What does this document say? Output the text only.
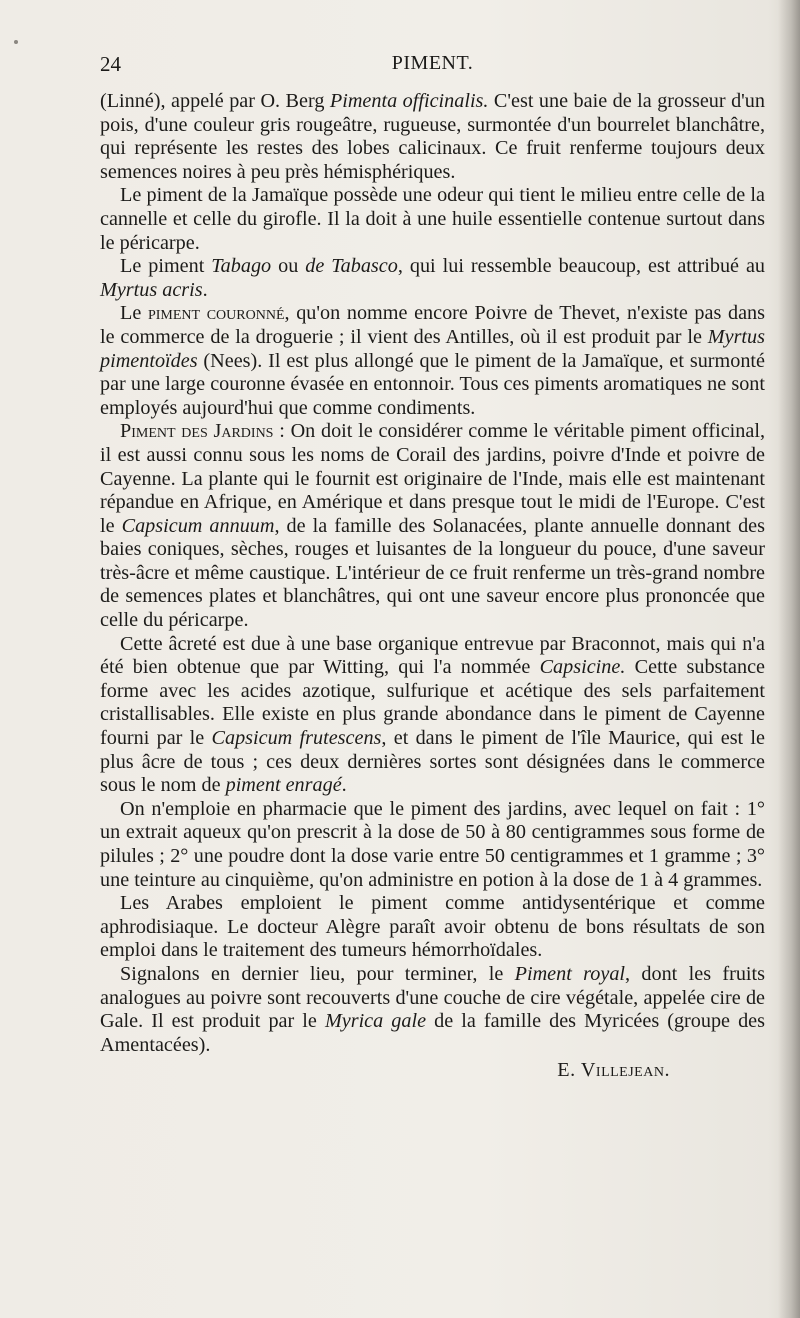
24	PIMENT.

(Linné), appelé par O. Berg Pimenta officinalis. C'est une baie de la grosseur d'un pois, d'une couleur gris rougeâtre, rugueuse, surmontée d'un bourrelet blanchâtre, qui représente les restes des lobes calicinaux. Ce fruit renferme toujours deux semences noires à peu près hémisphériques.

Le piment de la Jamaïque possède une odeur qui tient le milieu entre celle de la cannelle et celle du girofle. Il la doit à une huile essentielle contenue surtout dans le péricarpe.

Le piment Tabago ou de Tabasco, qui lui ressemble beaucoup, est attribué au Myrtus acris.

Le piment couronné, qu'on nomme encore Poivre de Thevet, n'existe pas dans le commerce de la droguerie ; il vient des Antilles, où il est produit par le Myrtus pimentoïdes (Nees). Il est plus allongé que le piment de la Jamaïque, et surmonté par une large couronne évasée en entonnoir. Tous ces piments aromatiques ne sont employés aujourd'hui que comme condiments.

Piment des Jardins : On doit le considérer comme le véritable piment officinal, il est aussi connu sous les noms de Corail des jardins, poivre d'Inde et poivre de Cayenne. La plante qui le fournit est originaire de l'Inde, mais elle est maintenant répandue en Afrique, en Amérique et dans presque tout le midi de l'Europe. C'est le Capsicum annuum, de la famille des Solanacées, plante annuelle donnant des baies coniques, sèches, rouges et luisantes de la longueur du pouce, d'une saveur très-âcre et même caustique. L'intérieur de ce fruit renferme un très-grand nombre de semences plates et blanchâtres, qui ont une saveur encore plus prononcée que celle du péricarpe.

Cette âcreté est due à une base organique entrevue par Braconnot, mais qui n'a été bien obtenue que par Witting, qui l'a nommée Capsicine. Cette substance forme avec les acides azotique, sulfurique et acétique des sels parfaitement cristallisables. Elle existe en plus grande abondance dans le piment de Cayenne fourni par le Capsicum frutescens, et dans le piment de l'île Maurice, qui est le plus âcre de tous ; ces deux dernières sortes sont désignées dans le commerce sous le nom de piment enragé.

On n'emploie en pharmacie que le piment des jardins, avec lequel on fait : 1° un extrait aqueux qu'on prescrit à la dose de 50 à 80 centigrammes sous forme de pilules ; 2° une poudre dont la dose varie entre 50 centigrammes et 1 gramme ; 3° une teinture au cinquième, qu'on administre en potion à la dose de 1 à 4 grammes.

Les Arabes emploient le piment comme antidysentérique et comme aphrodisiaque. Le docteur Alègre paraît avoir obtenu de bons résultats de son emploi dans le traitement des tumeurs hémorrhoïdales.

Signalons en dernier lieu, pour terminer, le Piment royal, dont les fruits analogues au poivre sont recouverts d'une couche de cire végétale, appelée cire de Gale. Il est produit par le Myrica gale de la famille des Myricées (groupe des Amentacées).

E. Villejean.
